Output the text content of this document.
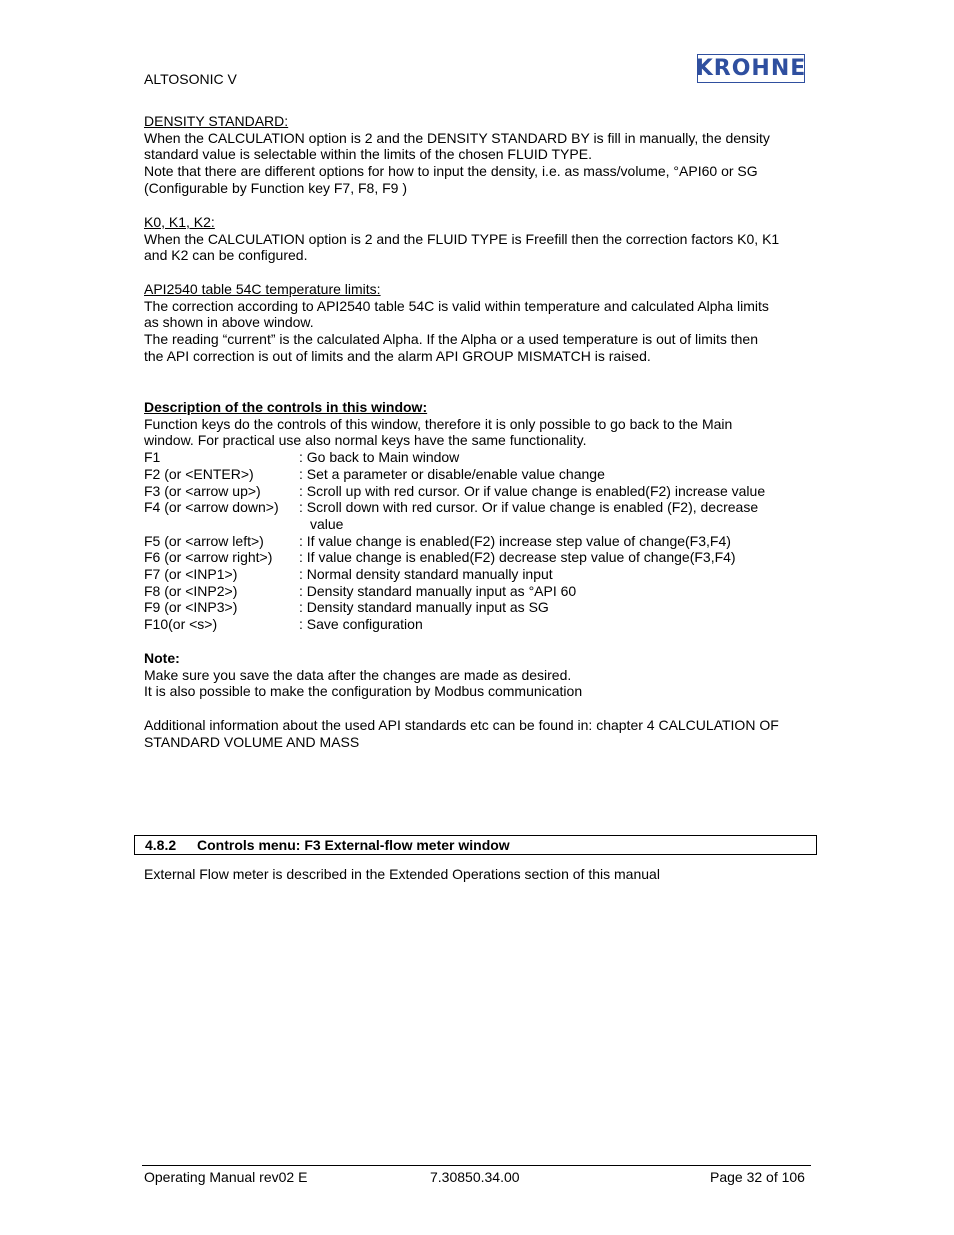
ALTOSONIC V	KROHNE
DENSITY STANDARD:
When the CALCULATION option is 2 and the DENSITY STANDARD BY is fill in manually, the density
standard value is selectable within the limits of the chosen FLUID TYPE.
Note that there are different options for how to input the density, i.e. as mass/volume, °API60 or SG
(Configurable by Function key F7, F8, F9 )
K0, K1, K2:
When the CALCULATION option is 2 and the FLUID TYPE is Freefill then the correction factors K0, K1
and K2 can be configured.
API2540 table 54C temperature limits:
The correction according to API2540 table 54C is valid within temperature and calculated Alpha limits
as shown in above window.
The reading “current” is the calculated Alpha. If the Alpha or a used temperature is out of limits then
the API correction is out of limits and the alarm API GROUP MISMATCH is raised.
Description of the controls in this window:
Function keys do the controls of this window, therefore it is only possible to go back to the Main
window. For practical use also normal keys have the same functionality.
F1	: Go back to Main window
F2 (or <ENTER>)	: Set a parameter or disable/enable value change
F3 (or <arrow up>)	: Scroll up with red cursor. Or if value change is enabled(F2) increase value
F4 (or <arrow down>) : Scroll down with red cursor. Or if value change is enabled (F2), decrease
value
F5 (or <arrow left>)	: If value change is enabled(F2) increase step value of change(F3,F4)
F6 (or <arrow right>) : If value change is enabled(F2) decrease step value of change(F3,F4)
F7 (or <INP1>)	: Normal density standard manually input
F8 (or <INP2>)	: Density standard manually input as °API 60
F9 (or <INP3>)	: Density standard manually input as SG
F10(or <s>)	: Save configuration
Note:
Make sure you save the data after the changes are made as desired.
It is also possible to make the configuration by Modbus communication
Additional information about the used API standards etc can be found in: chapter 4 CALCULATION OF
STANDARD VOLUME AND MASS
4.8.2 Controls menu: F3 External-flow meter window
External Flow meter is described in the Extended Operations section of this manual
Operating Manual rev02 E	7.30850.34.00	Page 32 of 106
